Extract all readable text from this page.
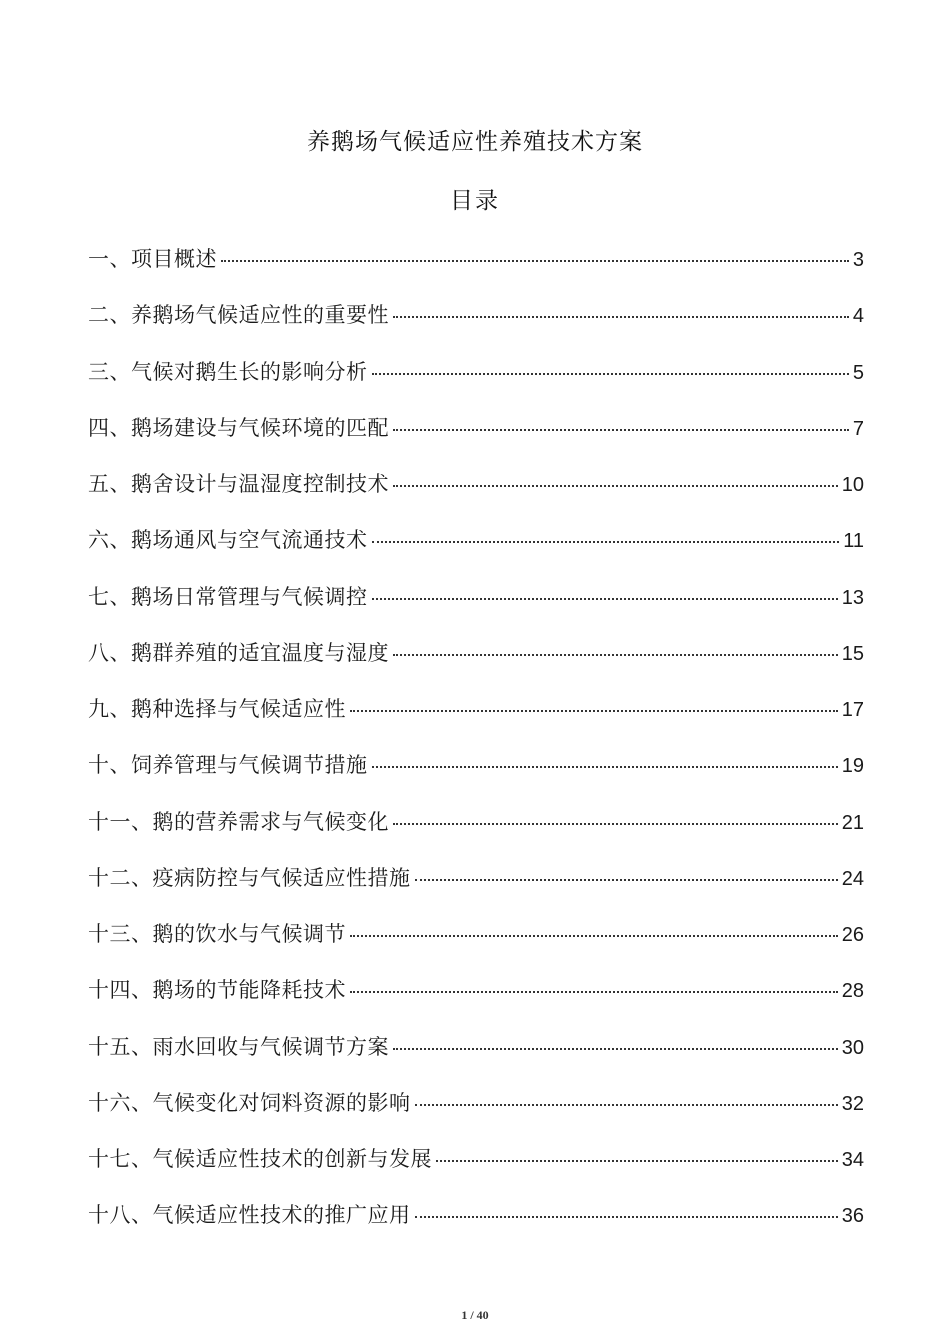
养鹅场气候适应性养殖技术方案
目录
一、项目概述	3
二、养鹅场气候适应性的重要性	4
三、气候对鹅生长的影响分析	5
四、鹅场建设与气候环境的匹配	7
五、鹅舍设计与温湿度控制技术	10
六、鹅场通风与空气流通技术	11
七、鹅场日常管理与气候调控	13
八、鹅群养殖的适宜温度与湿度	15
九、鹅种选择与气候适应性	17
十、饲养管理与气候调节措施	19
十一、鹅的营养需求与气候变化	21
十二、疫病防控与气候适应性措施	24
十三、鹅的饮水与气候调节	26
十四、鹅场的节能降耗技术	28
十五、雨水回收与气候调节方案	30
十六、气候变化对饲料资源的影响	32
十七、气候适应性技术的创新与发展	34
十八、气候适应性技术的推广应用	36
1 / 40
